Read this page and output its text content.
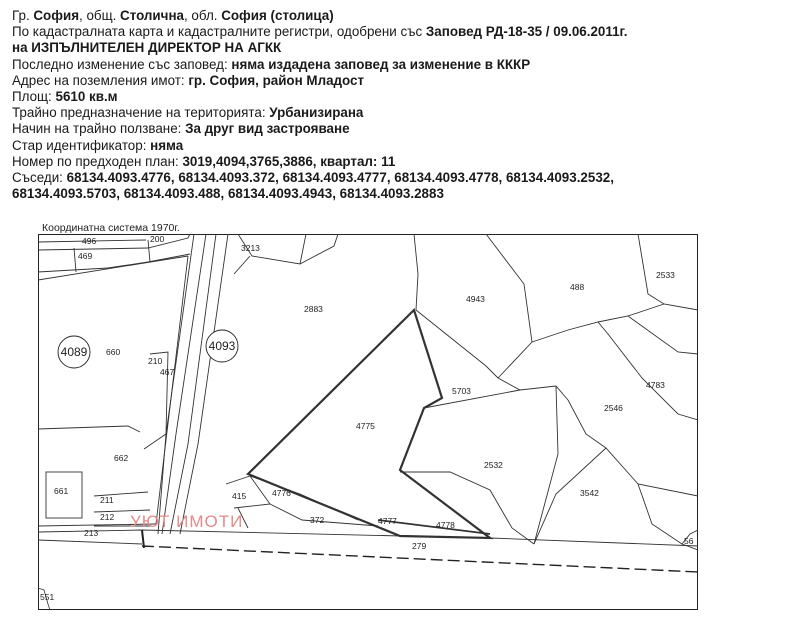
Гр. София, общ. Столична, обл. София (столица)
По кадастралната карта и кадастралните регистри, одобрени със Заповед РД-18-35 / 09.06.2011г.
на ИЗПЪЛНИТЕЛЕН ДИРЕКТОР НА АГКК
Последно изменение със заповед: няма издадена заповед за изменение в КККР
Адрес на поземления имот: гр. София, район Младост
Площ: 5610 кв.м
Трайно предназначение на територията: Урбанизирана
Начин на трайно ползване: За друг вид застрояване
Стар идентификатор: няма
Номер по предходен план: 3019,4094,3765,3886, квартал: 11
Съседи: 68134.4093.4776, 68134.4093.372, 68134.4093.4777, 68134.4093.4778, 68134.4093.2532,
68134.4093.5703, 68134.4093.488, 68134.4093.4943, 68134.4093.2883
Координатна система 1970г.
4089	4093
496	200
469
3213
2883
4943
488
2533
660
210
467
4783
5703
2546
4775
662
2532
661	3542
211	415	4776
212	372	4777	4778
213
279	56
551
УЮТ ИМОТИ
